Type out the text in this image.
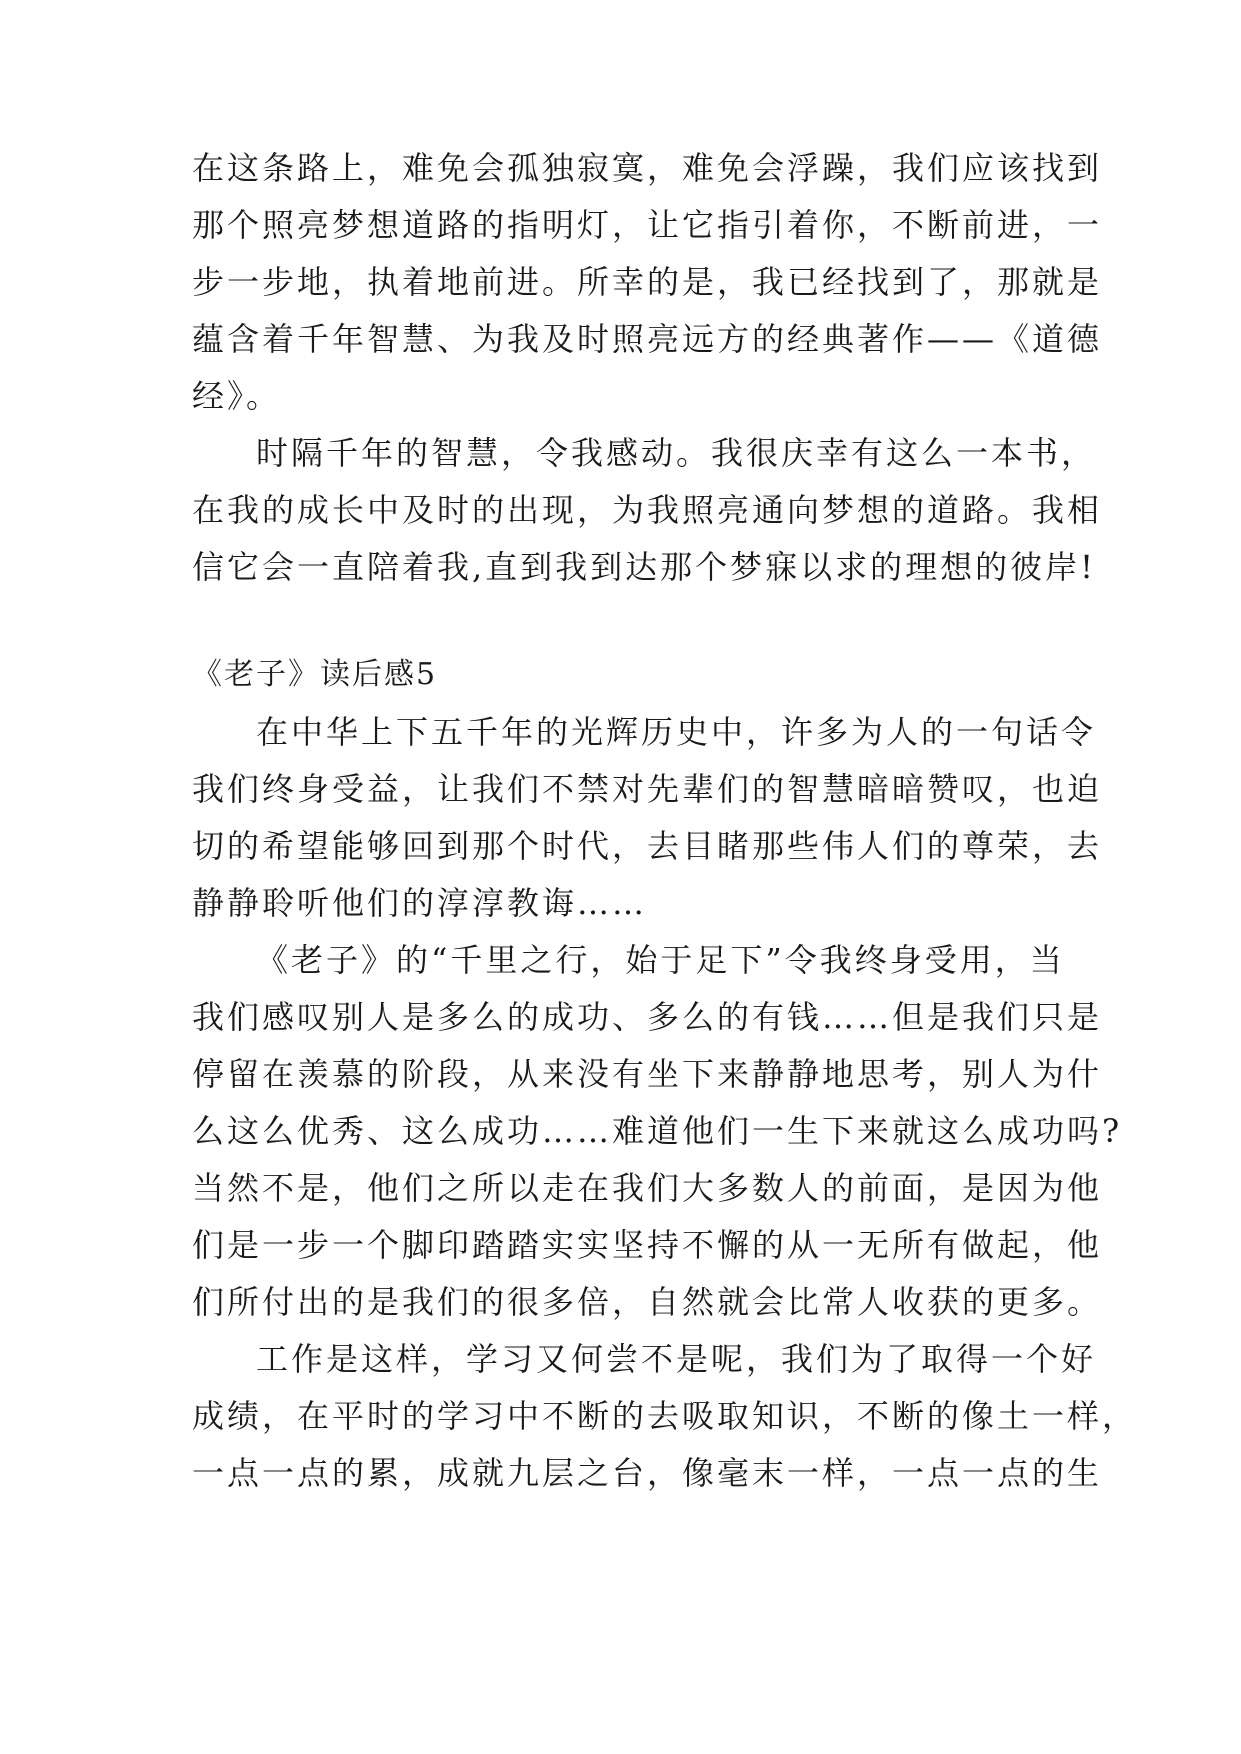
在这条路上，难免会孤独寂寞，难免会浮躁，我们应该找到
那个照亮梦想道路的指明灯，让它指引着你，不断前进，一
步一步地，执着地前进。所幸的是，我已经找到了，那就是
蕴含着千年智慧、为我及时照亮远方的经典著作——《道德
经》。
时隔千年的智慧，令我感动。我很庆幸有这么一本书，
在我的成长中及时的出现，为我照亮通向梦想的道路。我相
信它会一直陪着我,直到我到达那个梦寐以求的理想的彼岸!
《老子》读后感5
在中华上下五千年的光辉历史中，许多为人的一句话令
我们终身受益，让我们不禁对先辈们的智慧暗暗赞叹，也迫
切的希望能够回到那个时代，去目睹那些伟人们的尊荣，去
静静聆听他们的淳淳教诲……
《老子》的“千里之行，始于足下”令我终身受用，当
我们感叹别人是多么的成功、多么的有钱……但是我们只是
停留在羡慕的阶段，从来没有坐下来静静地思考，别人为什
么这么优秀、这么成功……难道他们一生下来就这么成功吗?
当然不是，他们之所以走在我们大多数人的前面，是因为他
们是一步一个脚印踏踏实实坚持不懈的从一无所有做起，他
们所付出的是我们的很多倍，自然就会比常人收获的更多。
工作是这样，学习又何尝不是呢，我们为了取得一个好
成绩，在平时的学习中不断的去吸取知识，不断的像土一样，
一点一点的累，成就九层之台，像毫末一样，一点一点的生
